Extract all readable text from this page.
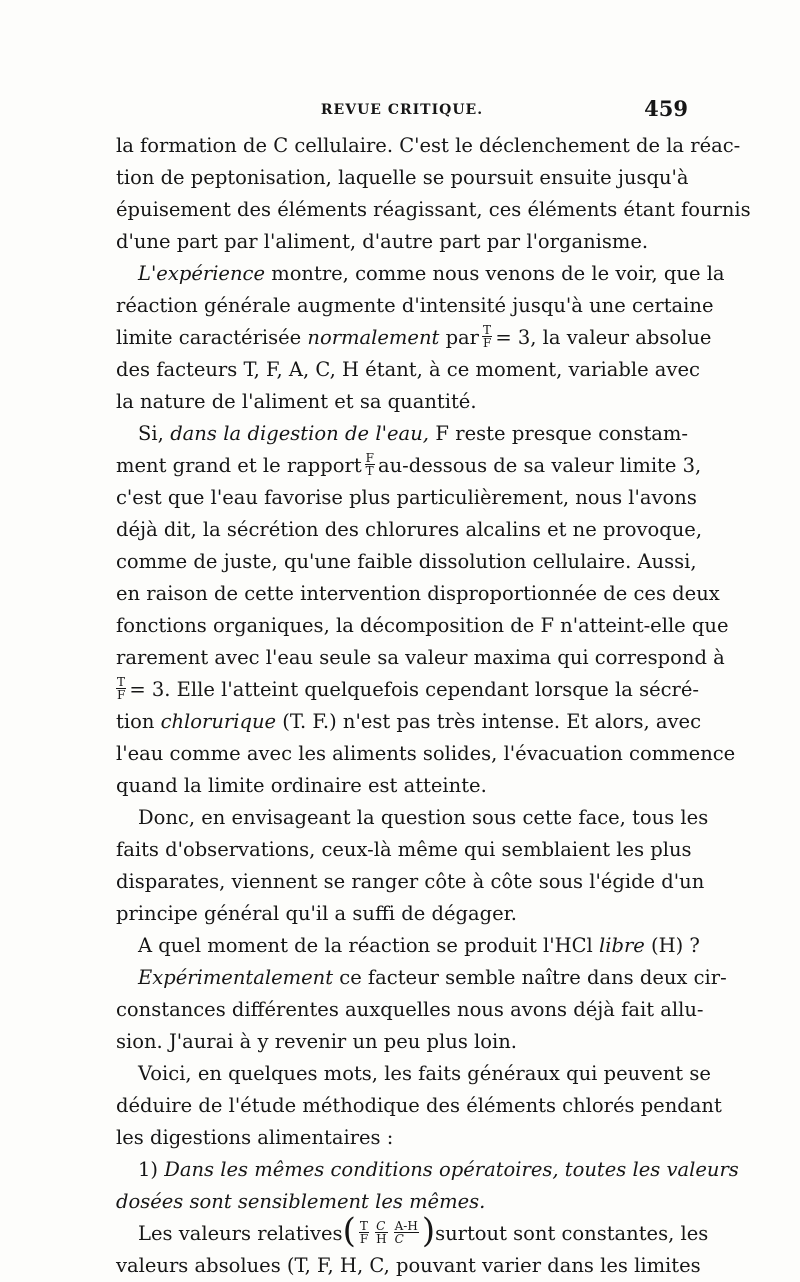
REVUE CRITIQUE.	459
la formation de C cellulaire. C'est le déclenchement de la réac-
tion de peptonisation, laquelle se poursuit ensuite jusqu'à
épuisement des éléments réagissant, ces éléments étant fournis
d'une part par l'aliment, d'autre part par l'organisme.
L'expérience montre, comme nous venons de le voir, que la
réaction générale augmente d'intensité jusqu'à une certaine
limite caractérisée normalement par $\frac{T}{F} = 3$, la valeur absolue
des facteurs T, F, A, C, H étant, à ce moment, variable avec
la nature de l'aliment et sa quantité.
Si, dans la digestion de l'eau, F reste presque constam-
ment grand et le rapport $\frac{F}{T}$ au-dessous de sa valeur limite 3,
c'est que l'eau favorise plus particulièrement, nous l'avons
déjà dit, la sécrétion des chlorures alcalins et ne provoque,
comme de juste, qu'une faible dissolution cellulaire. Aussi,
en raison de cette intervention disproportionnée de ces deux
fonctions organiques, la décomposition de F n'atteint-elle que
rarement avec l'eau seule sa valeur maxima qui correspond à
$\frac{T}{F} = 3$. Elle l'atteint quelquefois cependant lorsque la sécré-
tion chlorurique (T. F.) n'est pas très intense. Et alors, avec
l'eau comme avec les aliments solides, l'évacuation commence
quand la limite ordinaire est atteinte.
Donc, en envisageant la question sous cette face, tous les
faits d'observations, ceux-là même qui semblaient les plus
disparates, viennent se ranger côte à côte sous l'égide d'un
principe général qu'il a suffi de dégager.
A quel moment de la réaction se produit l'HCl libre (H) ?
Expérimentalement ce facteur semble naître dans deux cir-
constances différentes auxquelles nous avons déjà fait allu-
sion. J'aurai à y revenir un peu plus loin.
Voici, en quelques mots, les faits généraux qui peuvent se
déduire de l'étude méthodique des éléments chlorés pendant
les digestions alimentaires :
1) Dans les mêmes conditions opératoires, toutes les valeurs
dosées sont sensiblement les mêmes.
Les valeurs relatives( $\frac{T}{F} \frac{C}{H} \frac{A-H}{C}$ )surtout sont constantes, les
valeurs absolues (T, F, H, C, pouvant varier dans les limites
